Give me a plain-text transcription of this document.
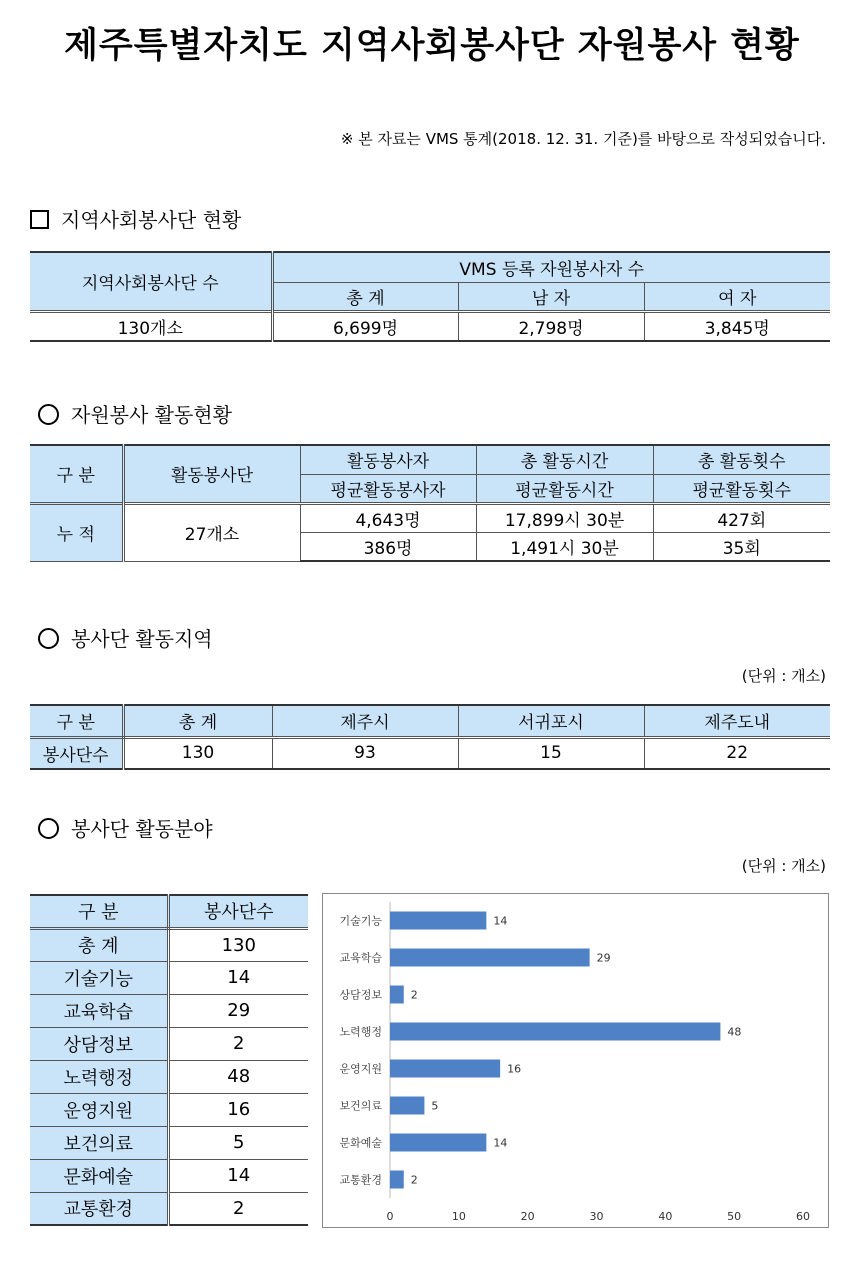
제주특별자치도 지역사회봉사단 자원봉사 현황
※ 본 자료는 VMS 통계(2018. 12. 31. 기준)를 바탕으로 작성되었습니다.
지역사회봉사단 현황
지역사회봉사단 수	VMS 등록 자원봉사자 수		
	총 계	남 자	여 자
130개소	6,699명	2,798명	3,845명
자원봉사 활동현황
구 분	활동봉사단	활동봉사자	총 활동시간	총 활동횟수
		평균활동봉사자	평균활동시간	평균활동횟수
누 적	27개소	4,643명	17,899시 30분	427회
		386명	1,491시 30분	35회
봉사단 활동지역
(단위 : 개소)
구 분	총 계	제주시	서귀포시	제주도내
봉사단수	130	93	15	22
봉사단 활동분야
(단위 : 개소)
구 분	봉사단수
총 계	130
기술기능	14
교육학습	29
상담정보	2
노력행정	48
운영지원	16
보건의료	5
문화예술	14
교통환경	2
기술기능	14
교육학습	29
상담정보	2
노력행정	48
운영지원	16
보건의료	5
문화예술	14
교통환경	2
0	10	20	30	40	50	60
